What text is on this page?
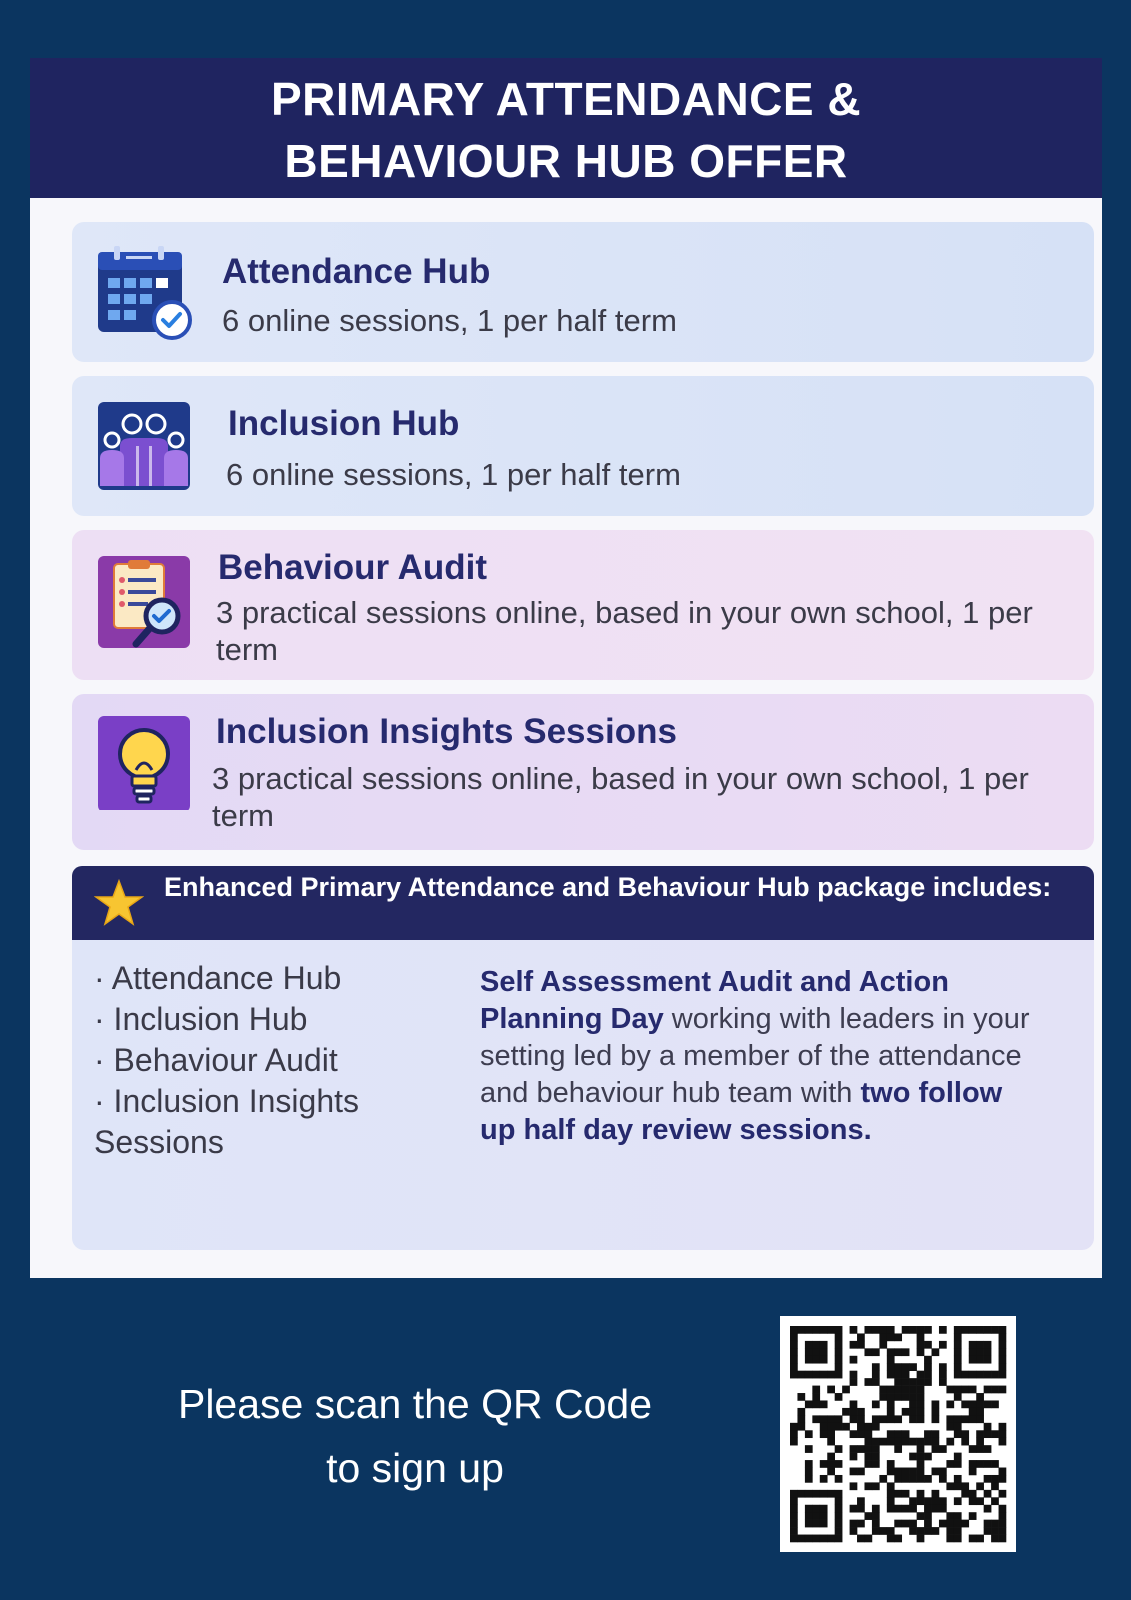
PRIMARY ATTENDANCE &
BEHAVIOUR HUB OFFER
Attendance Hub
6 online sessions, 1 per half term
Inclusion Hub
6 online sessions, 1 per half term
Behaviour Audit
3 practical sessions online, based in your own school, 1 per term
Inclusion Insights Sessions
3 practical sessions online, based in your own school, 1 per term
Enhanced Primary Attendance and Behaviour Hub package includes:
· Attendance Hub
· Inclusion Hub
· Behaviour Audit
· Inclusion Insights Sessions
Self Assessment Audit and Action Planning Day working with leaders in your setting led by a member of the attendance and behaviour hub team with two follow up half day review sessions.
Please scan the QR Code
to sign up
